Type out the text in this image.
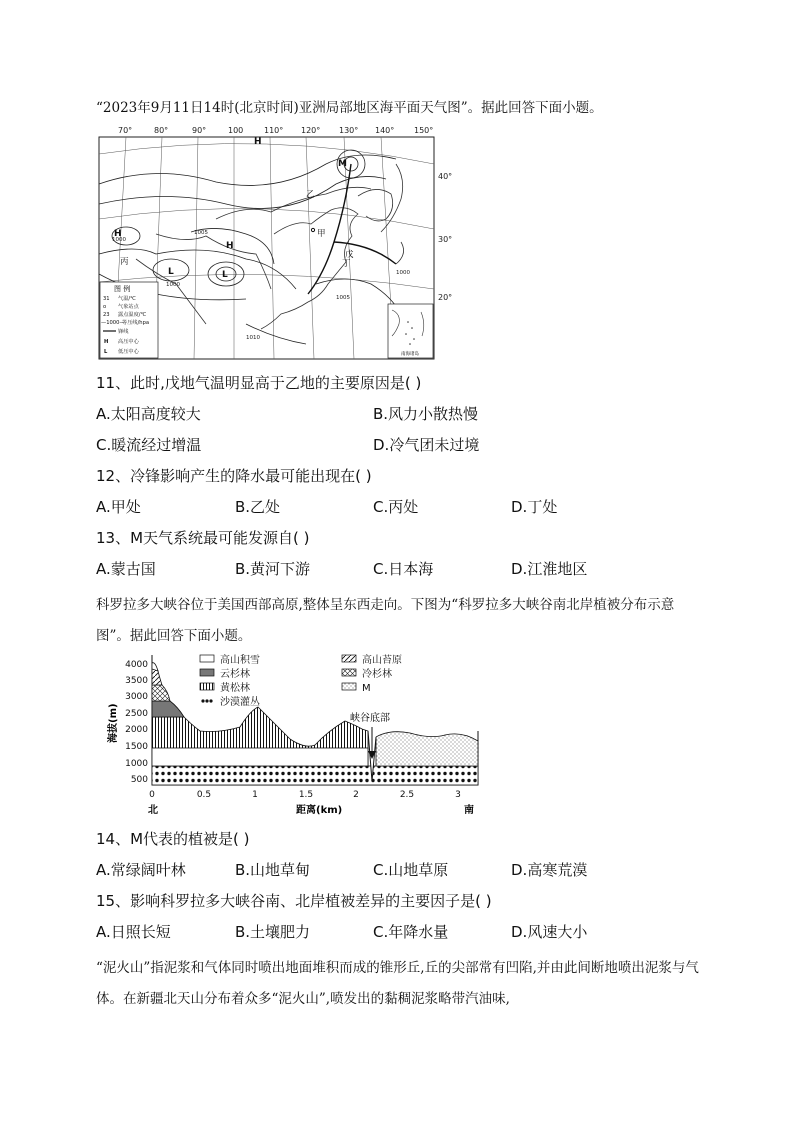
“2023年9月11日14时(北京时间)亚洲局部地区海平面天气图”。据此回答下面小题。
70°	80°	90°	100	110° 120° 130° 140° 150°
40°
30°
20°
H
H
H
L	L
M
乙
甲
丙
戊
丁
1000
1005
1010
1000
1000
1005
图 例
31 气温/℃
o 气象站点
23 露点温度/℃
—1000—
等压线/hpa
锋线
H 高压中心
L 低压中心	南海诸岛
11、此时,戊地气温明显高于乙地的主要原因是( )
A.太阳高度较大	B.风力小散热慢
C.暖流经过增温	D.冷气团未过境
12、冷锋影响产生的降水最可能出现在( )
A.甲处	B.乙处	C.丙处	D.丁处
13、M天气系统最可能发源自( )
A.蒙古国	B.黄河下游	C.日本海	D.江淮地区
科罗拉多大峡谷位于美国西部高原,整体呈东西走向。下图为“科罗拉多大峡谷南北岸植被分布示意图”。据此回答下面小题。
4000
3500
3000
2500
2000
1500
1000
500
海拔(m)	峡谷底部
高山积雪	高山苔原
云杉林	冷杉林
黄松林	M
沙漠灌丛
0	0.5	1	1.5	2	2.5	3
北	距离(km)	南
14、M代表的植被是( )
A.常绿阔叶林	B.山地草甸	C.山地草原	D.高寒荒漠
15、影响科罗拉多大峡谷南、北岸植被差异的主要因子是( )
A.日照长短	B.土壤肥力	C.年降水量	D.风速大小
“泥火山”指泥浆和气体同时喷出地面堆积而成的锥形丘,丘的尖部常有凹陷,并由此间断地喷出泥浆与气体。在新疆北天山分布着众多“泥火山”,喷发出的黏稠泥浆略带汽油味,
